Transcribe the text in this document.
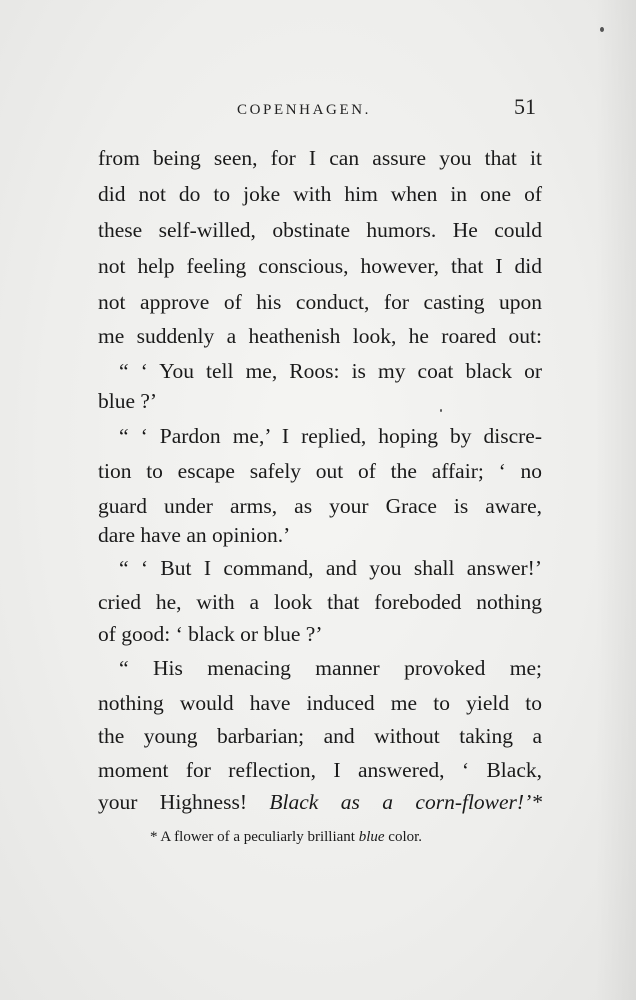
COPENHAGEN.	51
from being seen, for I can assure you that it
did not do to joke with him when in one of
these self-willed, obstinate humors. He could
not help feeling conscious, however, that I did
not approve of his conduct, for casting upon
me suddenly a heathenish look, he roared out:
“ ‘ You tell me, Roos: is my coat black or
blue ?’
“ ‘ Pardon me,’ I replied, hoping by discre-
tion to escape safely out of the affair; ‘ no
guard under arms, as your Grace is aware,
dare have an opinion.’
“ ‘ But I command, and you shall answer!’
cried he, with a look that foreboded nothing
of good: ‘ black or blue ?’
“ His menacing manner provoked me;
nothing would have induced me to yield to
the young barbarian; and without taking a
moment for reflection, I answered, ‘ Black,
your Highness! Black as a corn-flower!’*
* A flower of a peculiarly brilliant blue color.
